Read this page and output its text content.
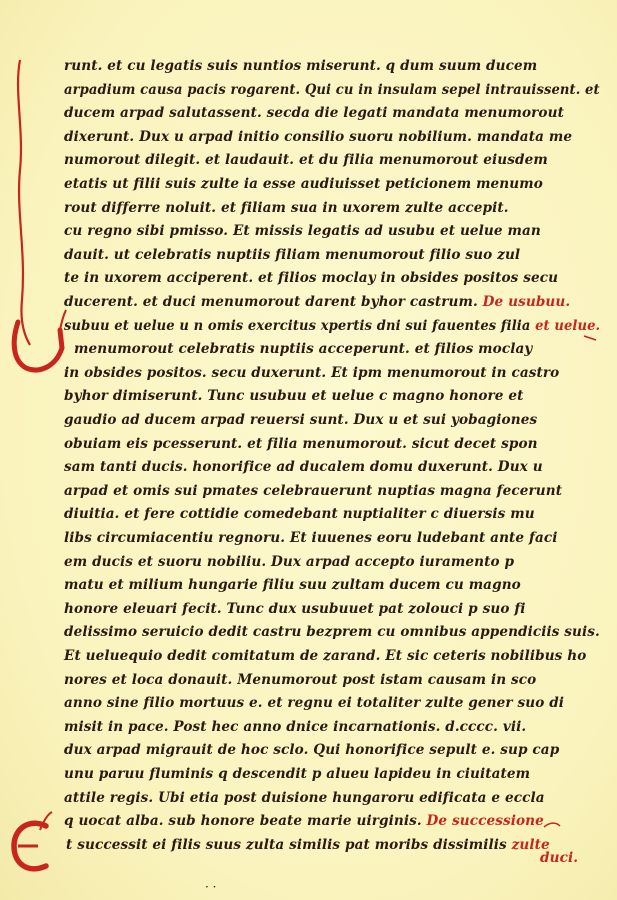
runt. et cu legatis suis nuntios miserunt. q dum suum ducem
arpadium causa pacis rogarent. Qui cu in insulam sepel intrauissent. et
ducem arpad salutassent. secda die legati mandata menumorout
dixerunt. Dux u arpad initio consilio suoru nobilium. mandata me
numorout dilegit. et laudauit. et du filia menumorout eiusdem
etatis ut filii suis zulte ia esse audiuisset peticionem menumo
rout differre noluit. et filiam sua in uxorem zulte accepit.
cu regno sibi pmisso. Et missis legatis ad usubu et uelue man
dauit. ut celebratis nuptiis filiam menumorout filio suo zul
te in uxorem acciperent. et filios moclay in obsides positos secu
ducerent. et duci menumorout darent byhor castrum. De usubuu.
subuu et uelue u n omis exercitus xpertis dni sui fauentes filia et uelue.
menumorout celebratis nuptiis acceperunt. et filios moclay
in obsides positos. secu duxerunt. Et ipm menumorout in castro
byhor dimiserunt. Tunc usubuu et uelue c magno honore et
gaudio ad ducem arpad reuersi sunt. Dux u et sui yobagiones
obuiam eis pcesserunt. et filia menumorout. sicut decet spon
sam tanti ducis. honorifice ad ducalem domu duxerunt. Dux u
arpad et omis sui pmates celebrauerunt nuptias magna fecerunt
diuitia. et fere cottidie comedebant nuptialiter c diuersis mu
libs circumiacentiu regnoru. Et iuuenes eoru ludebant ante faci
em ducis et suoru nobiliu. Dux arpad accepto iuramento p
matu et milium hungarie filiu suu zultam ducem cu magno
honore eleuari fecit. Tunc dux usubuuet pat zolouci p suo fi
delissimo seruicio dedit castru bezprem cu omnibus appendiciis suis.
Et ueluequio dedit comitatum de zarand. Et sic ceteris nobilibus ho
nores et loca donauit. Menumorout post istam causam in sco
anno sine filio mortuus e. et regnu ei totaliter zulte gener suo di
misit in pace. Post hec anno dnice incarnationis. d.cccc. vii.
dux arpad migrauit de hoc sclo. Qui honorifice sepult e. sup cap
unu paruu fluminis q descendit p alueu lapideu in ciuitatem
attile regis. Ubi etia post duisione hungaroru edificata e eccla
q uocat alba. sub honore beate marie uirginis. De successione
t successit ei filis suus zulta similis pat moribs dissimilis zulte
duci.
· ·
